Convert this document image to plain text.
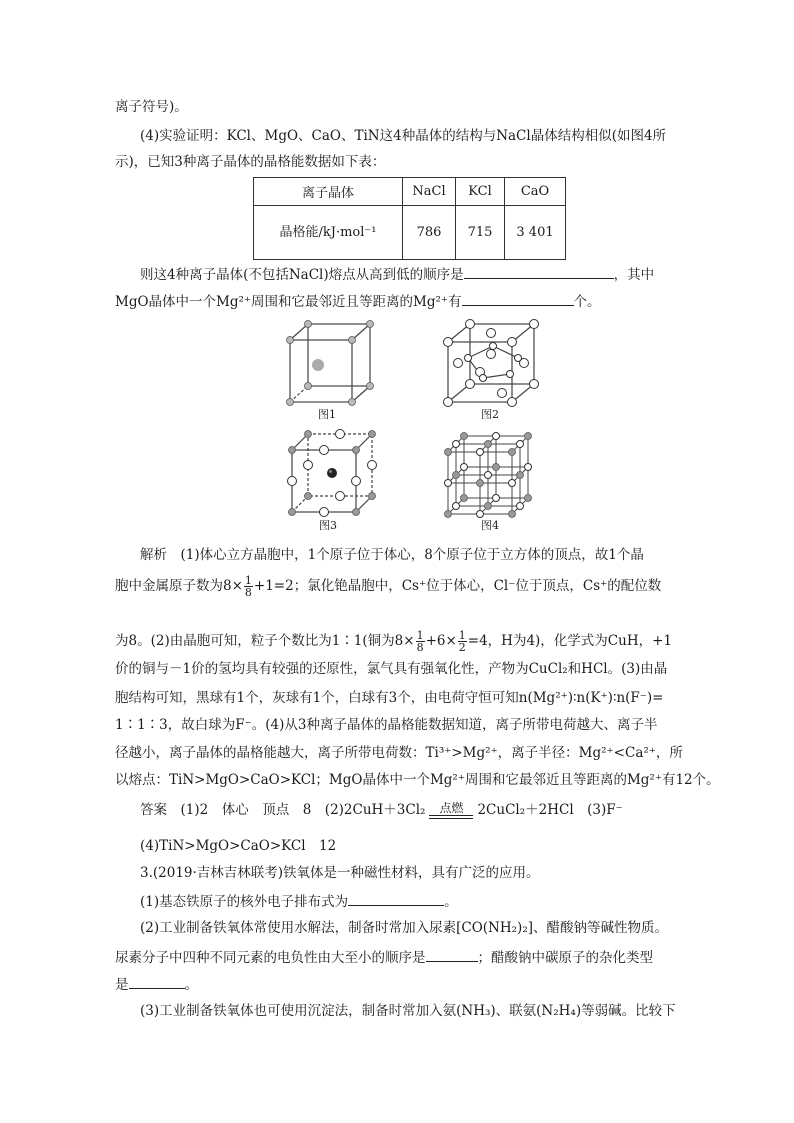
离子符号)。
(4)实验证明：KCl、MgO、CaO、TiN这4种晶体的结构与NaCl晶体结构相似(如图4所
示)，已知3种离子晶体的晶格能数据如下表：
离子晶体	NaCl	KCl	CaO
晶格能/kJ·mol⁻¹	786	715	3 401
则这4种离子晶体(不包括NaCl)熔点从高到低的顺序是	，其中
MgO晶体中一个Mg²⁺周围和它最邻近且等距离的Mg²⁺有	个。
图1	图2
图3	图4
解析　 (1)体心立方晶胞中，1个原子位于体心，8个原子位于立方体的顶点，故1个晶
胞中金属原子数为$8\times \frac{1}{8} +1=2$；氯化铯晶胞中，Cs⁺位于体心，Cl⁻位于顶点，Cs⁺的配位数
为8。(2)由晶胞可知，粒子个数比为1∶1(铜为$8\times \frac{1}{8} +6\times \frac{1}{2} =4$，H为4)，化学式为CuH，+1
价的铜与－1价的氢均具有较强的还原性，氯气具有强氧化性，产物为CuCl₂和HCl。(3)由晶
胞结构可知，黑球有1个，灰球有1个，白球有3个，由电荷守恒可知n(Mg²⁺)∶n(K⁺)∶n(F⁻)=
1∶1∶3，故白球为F⁻。(4)从3种离子晶体的晶格能数据知道，离子所带电荷越大、离子半
径越小，离子晶体的晶格能越大，离子所带电荷数：Ti³⁺>Mg²⁺，离子半径：Mg²⁺<Ca²⁺，所
以熔点：TiN>MgO>CaO>KCl；MgO晶体中一个Mg²⁺周围和它最邻近且等距离的Mg²⁺有12个。
答案　 (1)2　体心　顶点　8　(2)2CuH＋3Cl₂ 点燃 2CuCl₂＋2HCl　(3)F⁻
(4)TiN>MgO>CaO>KCl　12
3.(2019·吉林吉林联考)铁氧体是一种磁性材料，具有广泛的应用。
(1)基态铁原子的核外电子排布式为	。
(2)工业制备铁氧体常使用水解法，制备时常加入尿素[CO(NH₂)₂]、醋酸钠等碱性物质。
尿素分子中四种不同元素的电负性由大至小的顺序是	；醋酸钠中碳原子的杂化类型
是	。
(3)工业制备铁氧体也可使用沉淀法，制备时常加入氨(NH₃)、联氨(N₂H₄)等弱碱。比较下
